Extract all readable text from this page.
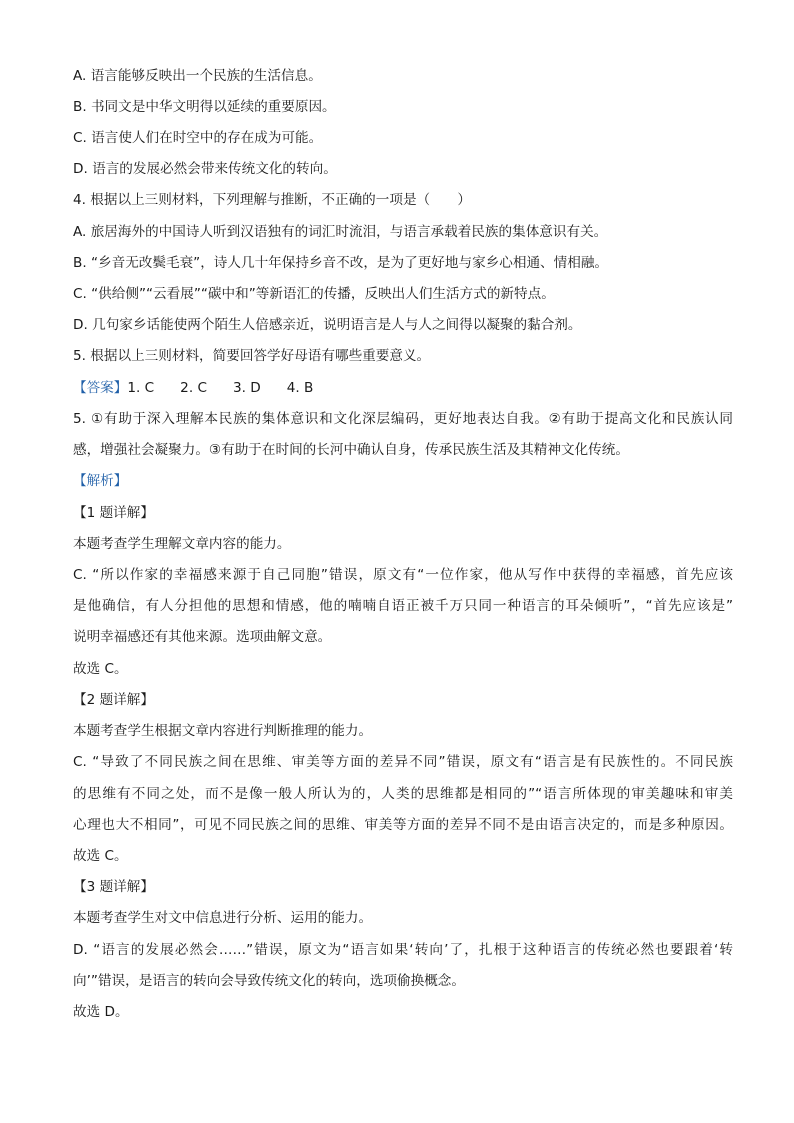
A. 语言能够反映出一个民族的生活信息。
B. 书同文是中华文明得以延续的重要原因。
C. 语言使人们在时空中的存在成为可能。
D. 语言的发展必然会带来传统文化的转向。
4. 根据以上三则材料，下列理解与推断，不正确的一项是（　　）
A. 旅居海外的中国诗人听到汉语独有的词汇时流泪，与语言承载着民族的集体意识有关。
B. “乡音无改鬓毛衰”，诗人几十年保持乡音不改，是为了更好地与家乡心相通、情相融。
C. “供给侧”“云看展”“碳中和”等新语汇的传播，反映出人们生活方式的新特点。
D. 几句家乡话能使两个陌生人倍感亲近，说明语言是人与人之间得以凝聚的黏合剂。
5. 根据以上三则材料，简要回答学好母语有哪些重要意义。
【答案】1. C 2. C 3. D 4. B
5. ①有助于深入理解本民族的集体意识和文化深层编码，更好地表达自我。②有助于提高文化和民族认同
感，增强社会凝聚力。③有助于在时间的长河中确认自身，传承民族生活及其精神文化传统。
【解析】
【1 题详解】
本题考查学生理解文章内容的能力。
C. “所以作家的幸福感来源于自己同胞”错误，原文有“一位作家，他从写作中获得的幸福感，首先应该
是他确信，有人分担他的思想和情感，他的喃喃自语正被千万只同一种语言的耳朵倾听”，“首先应该是”
说明幸福感还有其他来源。选项曲解文意。
故选 C。
【2 题详解】
本题考查学生根据文章内容进行判断推理的能力。
C. “导致了不同民族之间在思维、审美等方面的差异不同”错误，原文有“语言是有民族性的。不同民族
的思维有不同之处，而不是像一般人所认为的，人类的思维都是相同的”“语言所体现的审美趣味和审美
心理也大不相同”，可见不同民族之间的思维、审美等方面的差异不同不是由语言决定的，而是多种原因。
故选 C。
【3 题详解】
本题考查学生对文中信息进行分析、运用的能力。
D. “语言的发展必然会……”错误，原文为“语言如果‘转向’了，扎根于这种语言的传统必然也要跟着‘转
向’”错误，是语言的转向会导致传统文化的转向，选项偷换概念。
故选 D。
